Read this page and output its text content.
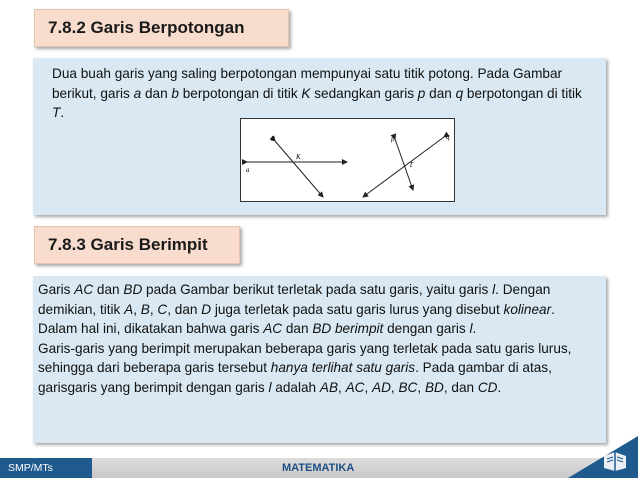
7.8.2 Garis Berpotongan
Dua buah garis yang saling berpotongan mempunyai satu titik potong. Pada Gambar berikut, garis a dan b berpotongan di titik K sedangkan garis p dan q berpotongan di titik T.
b
K
a
p	q
T
7.8.3 Garis Berimpit
Garis AC dan BD pada Gambar berikut terletak pada satu garis, yaitu garis l. Dengan demikian, titik A, B, C, dan D juga terletak pada satu garis lurus yang disebut kolinear.
Dalam hal ini, dikatakan bahwa garis AC dan BD berimpit dengan garis l.
Garis-garis yang berimpit merupakan beberapa garis yang terletak pada satu garis lurus, sehingga dari beberapa garis tersebut hanya terlihat satu garis. Pada gambar di atas, garisgaris yang berimpit dengan garis l adalah AB, AC, AD, BC, BD, dan CD.
SMP/MTs	MATEMATIKA
